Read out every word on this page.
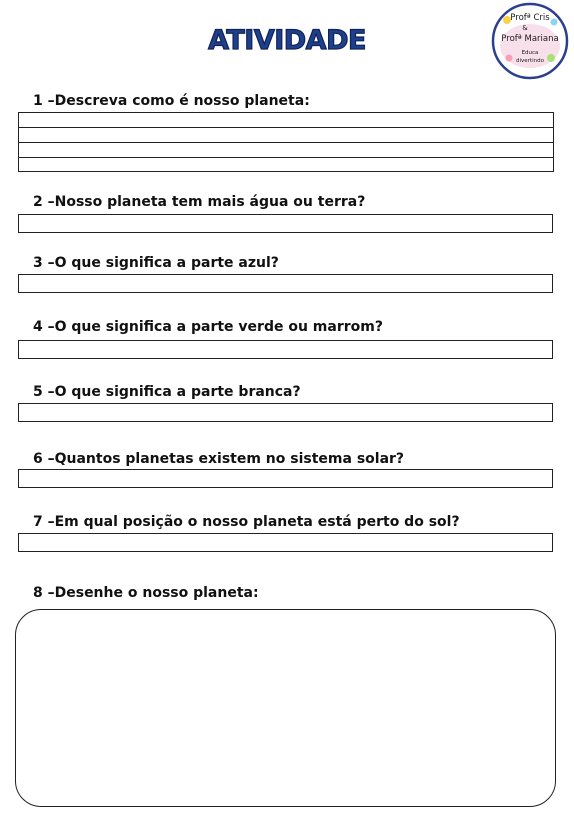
ATIVIDADE
Profª Cris
&
Profª Mariana
Educa
divertindo
1 –Descreva como é nosso planeta:
2 –Nosso planeta tem mais água ou terra?
3 –O que significa a parte azul?
4 –O que significa a parte verde ou marrom?
5 –O que significa a parte branca?
6 –Quantos planetas existem no sistema solar?
7 –Em qual posição o nosso planeta está perto do sol?
8 –Desenhe o nosso planeta:
